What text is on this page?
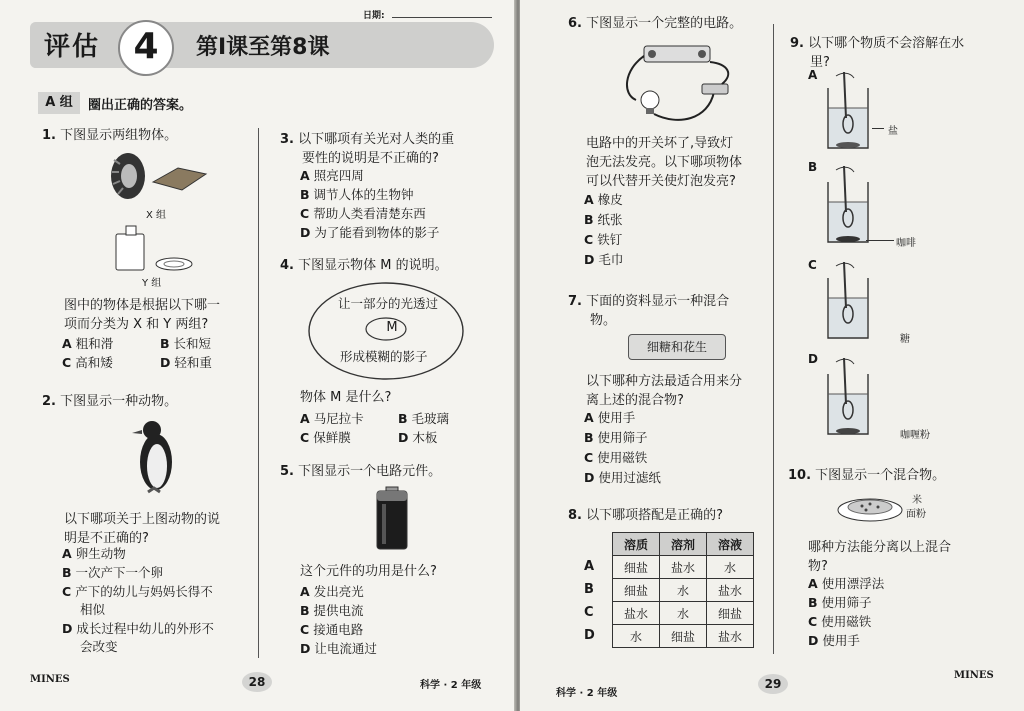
日期:
评估 4	第Ⅰ课至第8课
A 组	圈出正确的答案。
1. 下图显示两组物体。
X 组
Y 组
图中的物体是根据以下哪一
项而分类为 X 和 Y 两组?
A 粗和滑	B 长和短
C 高和矮	D 轻和重
2. 下图显示一种动物。
以下哪项关于上图动物的说
明是不正确的?
A 卵生动物
B 一次产下一个卵
C 产下的幼儿与妈妈长得不
相似
D 成长过程中幼儿的外形不
会改变
3. 以下哪项有关光对人类的重
要性的说明是不正确的?
A 照亮四周
B 调节人体的生物钟
C 帮助人类看清楚东西
D 为了能看到物体的影子
4. 下图显示物体 M 的说明。
让一部分的光透过
M
形成模糊的影子
物体 M 是什么?
A 马尼拉卡	B 毛玻璃
C 保鲜膜	D 木板
5. 下图显示一个电路元件。
这个元件的功用是什么?
A 发出亮光
B 提供电流
C 接通电路
D 让电流通过
MINES	28	科学 · 2 年级
6. 下图显示一个完整的电路。
电路中的开关坏了,导致灯
泡无法发亮。以下哪项物体
可以代替开关使灯泡发亮?
A 橡皮
B 纸张
C 铁钉
D 毛巾
7. 下面的资料显示一种混合
物。
细糖和花生
以下哪种方法最适合用来分
离上述的混合物?
A 使用手
B 使用筛子
C 使用磁铁
D 使用过滤纸
8. 以下哪项搭配是正确的?
A
B
C
D
溶质	溶剂	溶液
细盐	盐水	水
细盐	水	盐水
盐水	水	细盐
水	细盐	盐水
9. 以下哪个物质不会溶解在水
里?
A
盐
B
咖啡
C
糖
D
咖喱粉
10. 下图显示一个混合物。
米
面粉
哪种方法能分离以上混合
物?
A 使用漂浮法
B 使用筛子
C 使用磁铁
D 使用手
科学 · 2 年级
29
MINES
